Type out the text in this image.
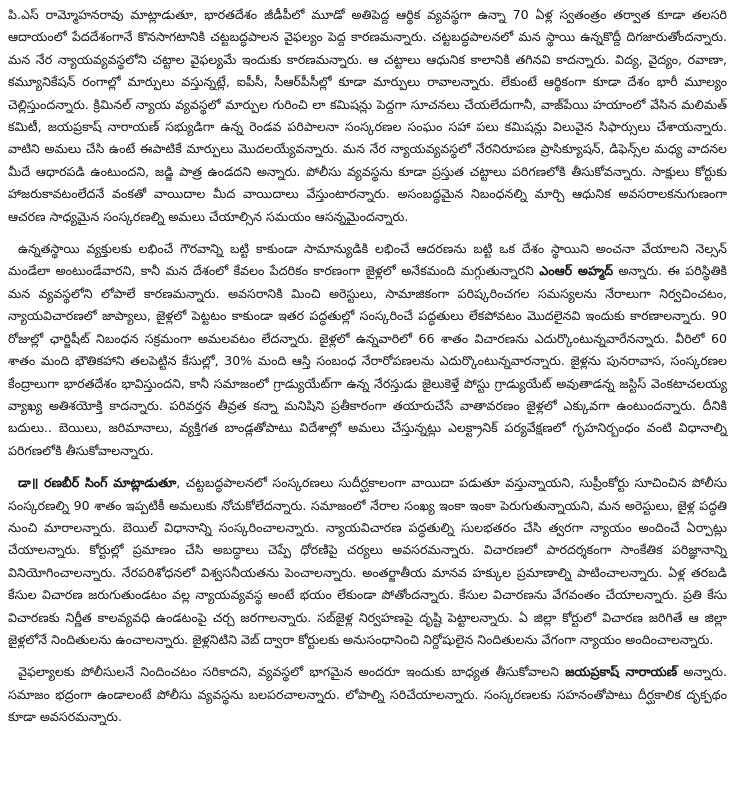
పి.ఎస్ రామ్మోహనరావు మాట్లాడుతూ, భారతదేశం జీడీపీలో మూడో అతిపెద్ద ఆర్థిక వ్యవస్థగా ఉన్నా 70 ఏళ్ల స్వతంత్రం తర్వాత కూడా తలసరి ఆదాయంలో పేదదేశంగానే కొనసాగటానికి చట్టబద్ధపాలన వైఫల్యం పెద్ద కారణమన్నారు. చట్టబద్ధపాలనలో మన స్థాయి ఉన్నకొద్దీ దిగజారుతోందన్నారు. మన నేర న్యాయవ్యవస్థలోని చట్టాల వైఫల్యమే ఇందుకు కారణమన్నారు. ఆ చట్టాలు ఆధునిక కాలానికి తగినవి కాదన్నారు. విద్య, వైద్యం, రవాణా, కమ్యూనికేషన్ రంగాల్లో మార్పులు వస్తున్నట్లే, ఐపీసీ, సీఆర్‌పీసీల్లో కూడా మార్పులు రావాలన్నారు. లేకుంటే ఆర్థికంగా కూడా దేశం భారీ మూల్యం చెల్లిస్తుందన్నారు. క్రిమినల్ న్యాయ వ్యవస్థలో మార్పుల గురించి లా కమిషన్లు పెద్దగా సూచనలు చేయలేదుగానీ, వాజ్‌పేయి హయాంలో వేసిన మలిమత్ కమిటీ, జయప్రకాష్ నారాయణ్ సభ్యుడిగా ఉన్న రెండవ పరిపాలనా సంస్కరణల సంఘం సహా పలు కమిషన్లు విలువైన సిఫార్సులు చేశాయన్నారు. వాటిని అమలు చేసి ఉంటే ఈపాటికే మార్పులు మొదలయ్యేవన్నారు. మన నేర న్యాయవ్యవస్థలో నేరనిరూపణ ప్రాసిక్యూషన్, డిఫెన్స్‌ల మధ్య వాదనల మీదే ఆధారపడి ఉంటుందని, జడ్జి పాత్ర ఉండదని అన్నారు. పోలీసు వ్యవస్థను కూడా ప్రస్తుత చట్టాలు పరిగణలోకి తీసుకోవన్నారు. సాక్షులు కోర్టుకు హాజరుకావటంలేదనే వంకతో వాయిదాల మీద వాయిదాలు వేస్తుంటారన్నారు. అసంబద్ధమైన నిబంధనల్ని మార్చి ఆధునిక అవసరాలకనుగుణంగా ఆచరణ సాధ్యమైన సంస్కరణల్ని అమలు చేయాల్సిన సమయం ఆసన్నమైందన్నారు.

ఉన్నతస్థాయి వ్యక్తులకు లభించే గౌరవాన్ని బట్టి కాకుండా సామాన్యుడికి లభించే ఆదరణను బట్టి ఒక దేశం స్థాయిని అంచనా వేయాలని నెల్సన్ మండేలా అంటుండేవారని, కానీ మన దేశంలో కేవలం పేదరికం కారణంగా జైళ్లలో అనేకమంది మగ్గుతున్నారని ఎంఆర్ అహ్మద్ అన్నారు. ఈ పరిస్థితికి మన వ్యవస్థలోని లోపాలే కారణమన్నారు. అవసరానికి మించి అరెస్టులు, సామాజికంగా పరిష్కరించగల సమస్యలను నేరాలుగా నిర్వచించటం, న్యాయవిచారణలో జాప్యాలు, జైళ్లలో పెట్టటం కాకుండా ఇతర పద్ధతుల్లో సంస్కరించే పద్ధతులు లేకపోవటం మొదలైనవి ఇందుకు కారణాలన్నారు. 90 రోజుల్లో ఛార్జిషీట్ నిబంధన సక్రమంగా అమలవటం లేదన్నారు. జైళ్లలో ఉన్నవారిలో 66 శాతం విచారణను ఎదుర్కొంటున్నవారేనన్నారు. వీరిలో 60 శాతం మంది భౌతికహాని తలపెట్టిన కేసుల్లో, 30% మంది ఆస్తి సంబంధ నేరారోపణలను ఎదుర్కొంటున్నవారన్నారు. జైళ్లను పునరావాస, సంస్కరణల కేంద్రాలుగా భారతదేశం భావిస్తుందని, కానీ సమాజంలో గ్రాడ్యుయేట్‌గా ఉన్న నేరస్తుడు జైలుకెళ్తే పోస్టు గ్రాడ్యుయేట్ అవుతాడన్న జస్టిస్ వెంకటాచలయ్య వ్యాఖ్య అతిశయోక్తి కాదన్నారు. పరివర్తన తీవ్రత కన్నా మనిషిని ప్రతీకారంగా తయారుచేసే వాతావరణం జైళ్లలో ఎక్కువగా ఉంటుందన్నారు. దీనికి బదులు.. బెయిలు, జరిమానాలు, వ్యక్తిగత బాండ్లతోపాటు విదేశాల్లో అమలు చేస్తున్నట్లు ఎలక్ట్రానిక్ పర్యవేక్షణలో గృహనిర్బంధం వంటి విధానాల్ని పరిగణలోకి తీసుకోవాలన్నారు.

డా॥ రణబీర్ సింగ్ మాట్లాడుతూ, చట్టబద్ధపాలనలో సంస్కరణలు సుదీర్ఘకాలంగా వాయిదా పడుతూ వస్తున్నాయని, సుప్రీంకోర్టు సూచించిన పోలీసు సంస్కరణల్ని 90 శాతం ఇప్పటికీ అమలుకు నోచుకోలేదన్నారు. సమాజంలో నేరాల సంఖ్య ఇంకా ఇంకా పెరుగుతున్నాయని, మన అరెస్టులు, జైళ్ల పద్ధతి నుంచి మారాలన్నారు. బెయిల్ విధానాన్ని సంస్కరించాలన్నారు. న్యాయవిచారణ పద్ధతుల్ని సులభతరం చేసి త్వరగా న్యాయం అందించే ఏర్పాట్లు చేయాలన్నారు. కోర్టుల్లో ప్రమాణం చేసి అబద్ధాలు చెప్పే ధోరణిపై చర్యలు అవసరమన్నారు. విచారణలో పారదర్శకంగా సాంకేతిక పరిజ్ఞానాన్ని వినియోగించాలన్నారు. నేరపరిశోధనలో విశ్వసనీయతను పెంచాలన్నారు. అంతర్జాతీయ మానవ హక్కుల ప్రమాణాల్ని పాటించాలన్నారు. ఏళ్ల తరబడి కేసుల విచారణ జరుగుతుండటం వల్ల న్యాయవ్యవస్థ అంటే భయం లేకుండా పోతోందన్నారు. కేసుల విచారణను వేగవంతం చేయాలన్నారు. ప్రతి కేసు విచారణకు నిర్ణీత కాలవ్యవధి ఉండటంపై చర్చ జరగాలన్నారు. సబ్‌జైళ్ల నిర్వహణపై దృష్టి పెట్టాలన్నారు. ఏ జిల్లా కోర్టులో విచారణ జరిగితే ఆ జిల్లా జైళ్లలోనే నిందితులను ఉంచాలన్నారు. జైళ్లనిటిని వెబ్ ద్వారా కోర్టులకు అనుసంధానించి నిర్దోషులైన నిందితులను వేగంగా న్యాయం అందించాలన్నారు.

వైఫల్యాలకు పోలీసులనే నిందించటం సరికాదని, వ్యవస్థలో భాగమైన అందరూ ఇందుకు బాధ్యత తీసుకోవాలని జయప్రకాష్ నారాయణ్ అన్నారు. సమాజం భద్రంగా ఉండాలంటే పోలీసు వ్యవస్థను బలపరచాలన్నారు. లోపాల్ని సరిచేయాలన్నారు. సంస్కరణలకు సహనంతోపాటు దీర్ఘకాలిక దృక్పథం కూడా అవసరమన్నారు.
